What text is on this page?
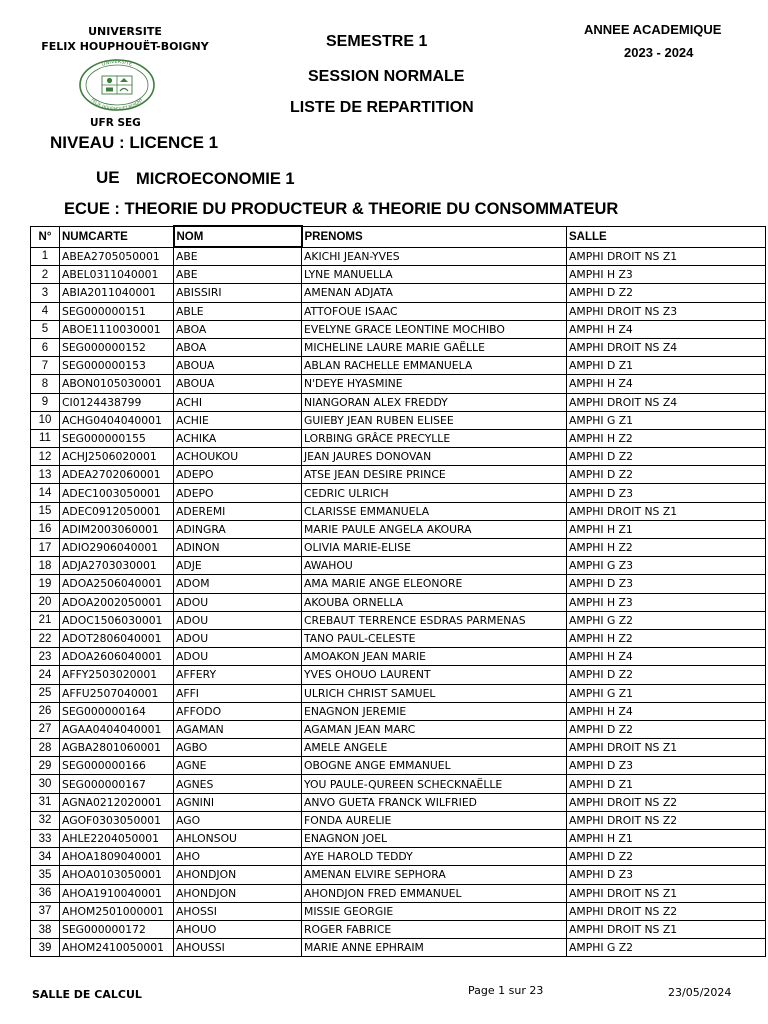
UNIVERSITE
FELIX HOUPHOUËT-BOIGNY
UNIVERSITE
FELIX HOUPHOUET-BOIGNY
UFR SEG
NIVEAU : LICENCE 1
SEMESTRE 1
SESSION NORMALE
LISTE DE REPARTITION
ANNEE ACADEMIQUE
2023 - 2024
UE MICROECONOMIE 1
ECUE : THEORIE DU PRODUCTEUR & THEORIE DU CONSOMMATEUR
N°	NUMCARTE	NOM	PRENOMS	SALLE
1	ABEA2705050001	ABE	AKICHI JEAN-YVES	AMPHI DROIT NS Z1
2	ABEL0311040001	ABE	LYNE MANUELLA	AMPHI H Z3
3	ABIA2011040001	ABISSIRI	AMENAN ADJATA	AMPHI D Z2
4	SEG000000151	ABLE	ATTOFOUE ISAAC	AMPHI DROIT NS Z3
5	ABOE1110030001	ABOA	EVELYNE GRACE LEONTINE MOCHIBO	AMPHI H Z4
6	SEG000000152	ABOA	MICHELINE LAURE MARIE GAËLLE	AMPHI DROIT NS Z4
7	SEG000000153	ABOUA	ABLAN RACHELLE EMMANUELA	AMPHI D Z1
8	ABON0105030001	ABOUA	N'DEYE HYASMINE	AMPHI H Z4
9	CI0124438799	ACHI	NIANGORAN ALEX FREDDY	AMPHI DROIT NS Z4
10	ACHG0404040001	ACHIE	GUIEBY JEAN RUBEN ELISEE	AMPHI G Z1
11	SEG000000155	ACHIKA	LORBING GRÂCE PRECYLLE	AMPHI H Z2
12	ACHJ2506020001	ACHOUKOU	JEAN JAURES DONOVAN	AMPHI D Z2
13	ADEA2702060001	ADEPO	ATSE JEAN DESIRE PRINCE	AMPHI D Z2
14	ADEC1003050001	ADEPO	CEDRIC ULRICH	AMPHI D Z3
15	ADEC0912050001	ADEREMI	CLARISSE EMMANUELA	AMPHI DROIT NS Z1
16	ADIM2003060001	ADINGRA	MARIE PAULE ANGELA AKOURA	AMPHI H Z1
17	ADIO2906040001	ADINON	OLIVIA MARIE-ELISE	AMPHI H Z2
18	ADJA2703030001	ADJE	AWAHOU	AMPHI G Z3
19	ADOA2506040001	ADOM	AMA MARIE ANGE ELEONORE	AMPHI D Z3
20	ADOA2002050001	ADOU	AKOUBA ORNELLA	AMPHI H Z3
21	ADOC1506030001	ADOU	CREBAUT TERRENCE ESDRAS PARMENAS	AMPHI G Z2
22	ADOT2806040001	ADOU	TANO PAUL-CELESTE	AMPHI H Z2
23	ADOA2606040001	ADOU	AMOAKON JEAN MARIE	AMPHI H Z4
24	AFFY2503020001	AFFERY	YVES OHOUO LAURENT	AMPHI D Z2
25	AFFU2507040001	AFFI	ULRICH CHRIST SAMUEL	AMPHI G Z1
26	SEG000000164	AFFODO	ENAGNON JEREMIE	AMPHI H Z4
27	AGAA0404040001	AGAMAN	AGAMAN JEAN MARC	AMPHI D Z2
28	AGBA2801060001	AGBO	AMELE ANGELE	AMPHI DROIT NS Z1
29	SEG000000166	AGNE	OBOGNE ANGE EMMANUEL	AMPHI D Z3
30	SEG000000167	AGNES	YOU PAULE-QUREEN SCHECKNAËLLE	AMPHI D Z1
31	AGNA0212020001	AGNINI	ANVO GUETA FRANCK WILFRIED	AMPHI DROIT NS Z2
32	AGOF0303050001	AGO	FONDA AURELIE	AMPHI DROIT NS Z2
33	AHLE2204050001	AHLONSOU	ENAGNON JOEL	AMPHI H Z1
34	AHOA1809040001	AHO	AYE HAROLD TEDDY	AMPHI D Z2
35	AHOA0103050001	AHONDJON	AMENAN ELVIRE SEPHORA	AMPHI D Z3
36	AHOA1910040001	AHONDJON	AHONDJON FRED EMMANUEL	AMPHI DROIT NS Z1
37	AHOM2501000001	AHOSSI	MISSIE GEORGIE	AMPHI DROIT NS Z2
38	SEG000000172	AHOUO	ROGER FABRICE	AMPHI DROIT NS Z1
39	AHOM2410050001	AHOUSSI	MARIE ANNE EPHRAIM	AMPHI G Z2
SALLE DE CALCUL	Page 1 sur 23	23/05/2024
